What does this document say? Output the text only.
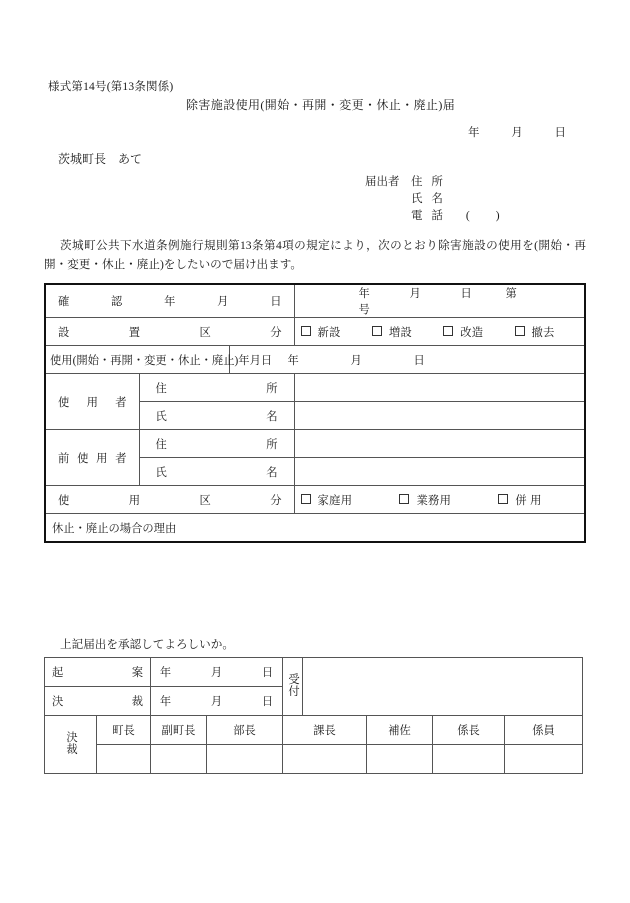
様式第14号(第13条関係)
除害施設使用(開始・再開・変更・休止・廃止)届
年	月	日
茨城町長　あて
届出者 住 所
氏 名
電 話 ( )
茨城町公共下水道条例施行規則第13条第4項の規定により，次のとおり除害施設の使用を(開始・再開・変更・休止・廃止)をしたいので届け出ます。
確 認 年 月 日			年 月 日 第  号

設 置 区 分			新設 増設 改造 撤去
使用(開始・再開・変更・休止・廃止)年月日		年 月 日	

使 用 者	住 所		

	氏 名		

前 使 用 者	住 所		

	氏 名		

使 用 区 分			家庭用 業務用 併 用
休止・廃止の場合の理由			
上記届出を承認してよろしいか。
起 案		年 月 日		受付				

決 裁		年 月 日						
決裁	町長	副町長	部長	課長		補佐	係長	係員
